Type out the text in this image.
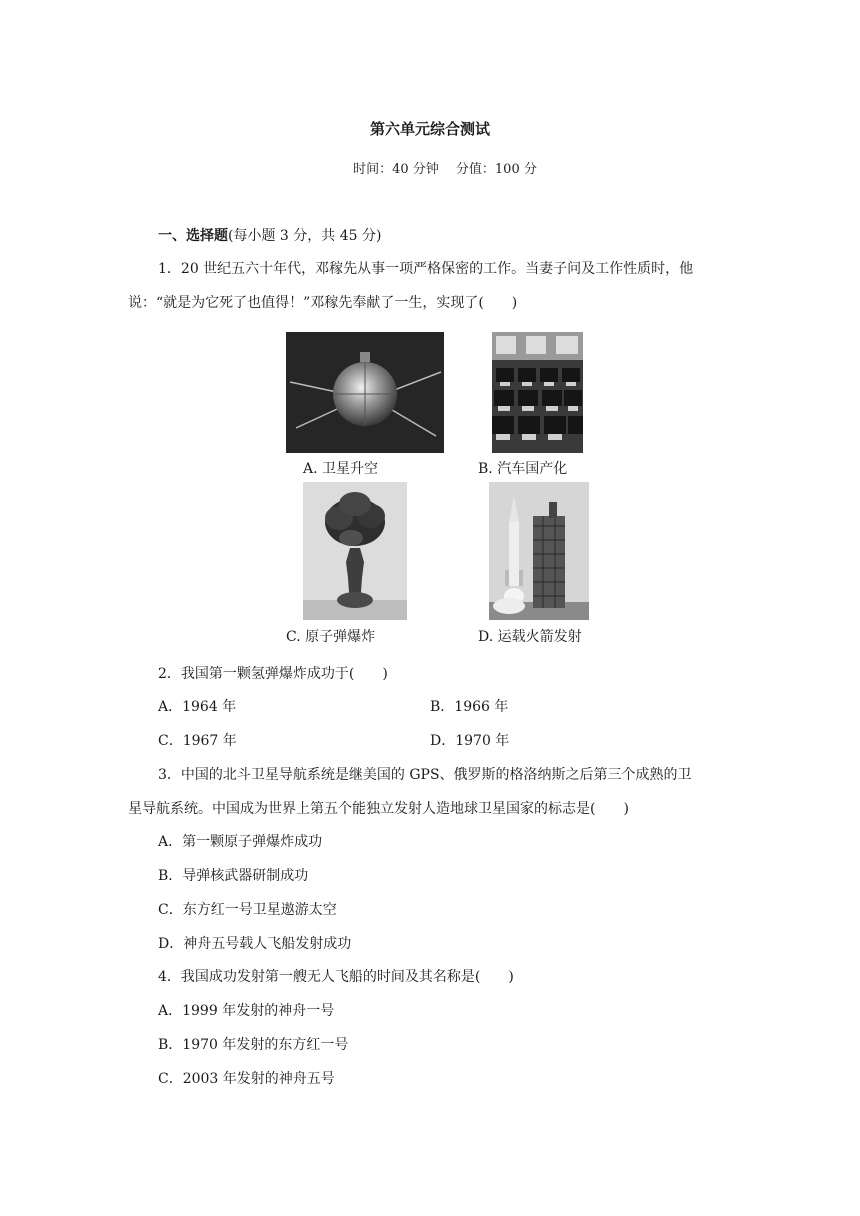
第六单元综合测试
时间：40 分钟　 分值：100 分
一、选择题(每小题 3 分，共 45 分)
1．20 世纪五六十年代，邓稼先从事一项严格保密的工作。当妻子问及工作性质时，他
说：“就是为它死了也值得！”邓稼先奉献了一生，实现了(　　)
A. 卫星升空	B. 汽车国产化
C. 原子弹爆炸	D. 运载火箭发射
2．我国第一颗氢弹爆炸成功于(　　)
A．1964 年	B．1966 年
C．1967 年	D．1970 年
3．中国的北斗卫星导航系统是继美国的 GPS、俄罗斯的格洛纳斯之后第三个成熟的卫
星导航系统。中国成为世界上第五个能独立发射人造地球卫星国家的标志是(　　)
A．第一颗原子弹爆炸成功
B．导弹核武器研制成功
C．东方红一号卫星遨游太空
D．神舟五号载人飞船发射成功
4．我国成功发射第一艘无人飞船的时间及其名称是(　　)
A．1999 年发射的神舟一号
B．1970 年发射的东方红一号
C．2003 年发射的神舟五号
